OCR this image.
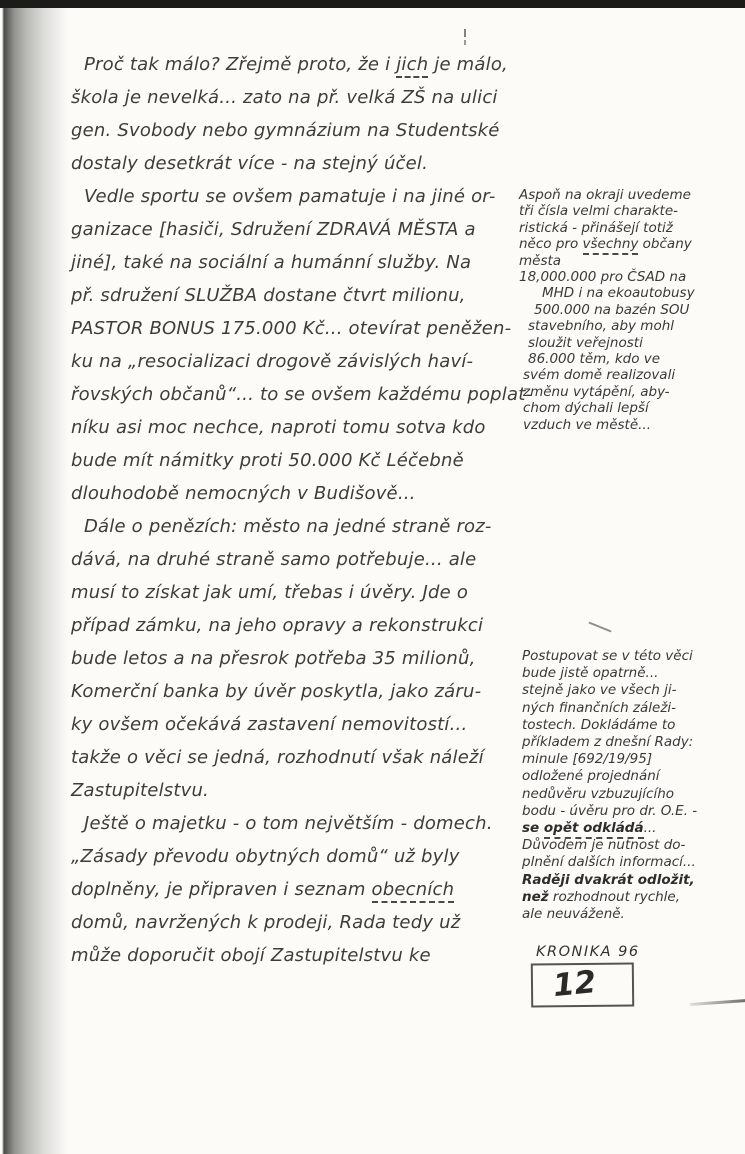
Proč tak málo? Zřejmě proto, že i jich je málo,
škola je nevelká... zato na př. velká ZŠ na ulici
gen. Svobody nebo gymnázium na Studentské
dostaly desetkrát více - na stejný účel.
Vedle sportu se ovšem pamatuje i na jiné or-
ganizace [hasiči, Sdružení ZDRAVÁ MĚSTA a
jiné], také na sociální a humánní služby. Na
př. sdružení SLUŽBA dostane čtvrt milionu,
PASTOR BONUS 175.000 Kč... otevírat peněžen-
ku na „resocializaci drogově závislých haví-
řovských občanů“... to se ovšem každému poplat-
níku asi moc nechce, naproti tomu sotva kdo
bude mít námitky proti 50.000 Kč Léčebně
dlouhodobě nemocných v Budišově...
Dále o penězích: město na jedné straně roz-
dává, na druhé straně samo potřebuje... ale
musí to získat jak umí, třebas i úvěry. Jde o
případ zámku, na jeho opravy a rekonstrukci
bude letos a na přesrok potřeba 35 milionů,
Komerční banka by úvěr poskytla, jako záru-
ky ovšem očekává zastavení nemovitostí...
takže o věci se jedná, rozhodnutí však náleží
Zastupitelstvu.
Ještě o majetku - o tom největším - domech.
„Zásady převodu obytných domů“ už byly
doplněny, je připraven i seznam obecních
domů, navržených k prodeji, Rada tedy už
může doporučit obojí Zastupitelstvu ke
Aspoň na okraji uvedeme
tři čísla velmi charakte-
ristická - přinášejí totiž
něco pro všechny občany
města
18,000.000 pro ČSAD na
MHD i na ekoautobusy
500.000 na bazén SOU
stavebního, aby mohl
sloužit veřejnosti
86.000 těm, kdo ve
svém domě realizovali
změnu vytápění, aby-
chom dýchali lepší
vzduch ve městě...
Postupovat se v této věci
bude jistě opatrně...
stejně jako ve všech ji-
ných finančních záleži-
tostech. Dokládáme to
příkladem z dnešní Rady:
minule [692/19/95]
odložené projednání
nedůvěru vzbuzujícího
bodu - úvěru pro dr. O.E. -
se opět odkládá...
Důvodem je nutnost do-
plnění dalších informací...
Raději dvakrát odložit,
než rozhodnout rychle,
ale neuváženě.
KRONIKA 96
12
